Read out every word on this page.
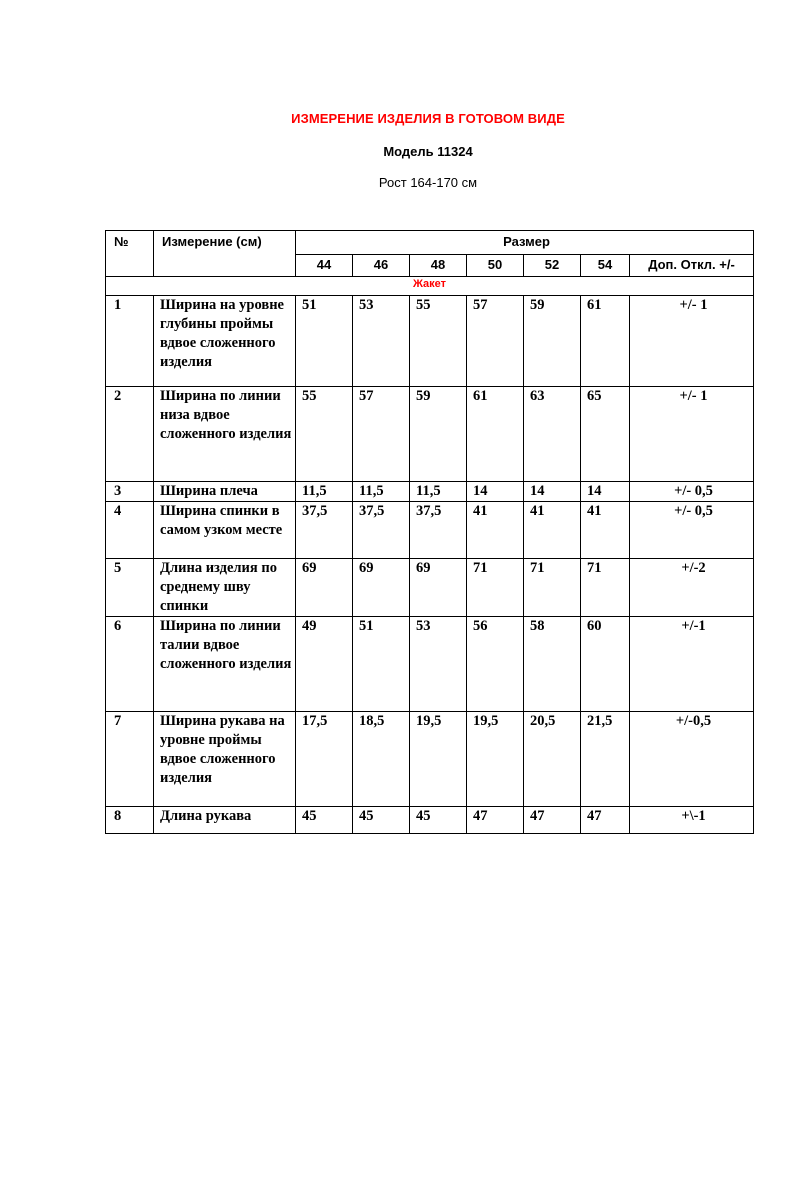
ИЗМЕРЕНИЕ ИЗДЕЛИЯ В ГОТОВОМ ВИДЕ
Модель 11324
Рост 164-170 см
№	Измерение (см)	Размер						
		44	46	48	50	52	54	Доп. Откл. +/-
Жакет								
1	Ширина на уровне глубины проймы вдвое сложенного изделия	51	53	55	57	59	61	+/- 1
2	Ширина по линии низа вдвое сложенного изделия	55	57	59	61	63	65	+/- 1
3	Ширина плеча	11,5	11,5	11,5	14	14	14	+/- 0,5
4	Ширина спинки в самом узком месте	37,5	37,5	37,5	41	41	41	+/- 0,5
5	Длина изделия по среднему шву спинки	69	69	69	71	71	71	+/-2
6	Ширина по линии талии вдвое сложенного изделия	49	51	53	56	58	60	+/-1
7	Ширина рукава на уровне проймы вдвое сложенного изделия	17,5	18,5	19,5	19,5	20,5	21,5	+/-0,5
8	Длина рукава	45	45	45	47	47	47	+\-1
